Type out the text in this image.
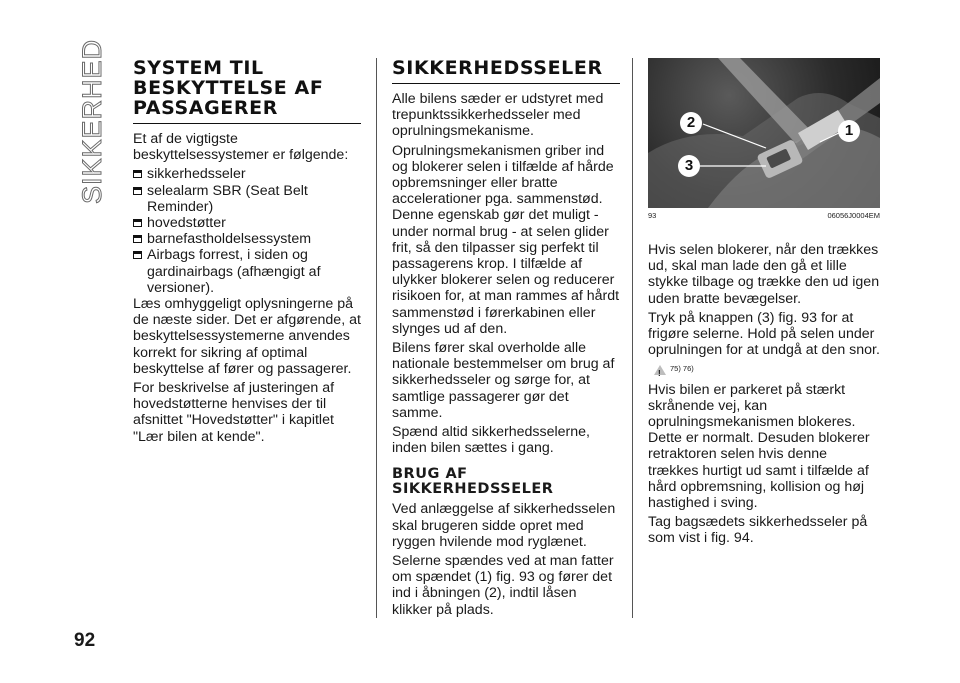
SIKKERHED
92
SYSTEM TIL BESKYTTELSE AF PASSAGERER

Et af de vigtigste beskyttelsessystemer er følgende:

sikkerhedsseler
selealarm SBR (Seat Belt Reminder)
hovedstøtter
barnefastholdelsessystem
Airbags forrest, i siden og gardinairbags (afhængigt af versioner).

Læs omhyggeligt oplysningerne på de næste sider. Det er afgørende, at beskyttelsessystemerne anvendes korrekt for sikring af optimal beskyttelse af fører og passagerer.

For beskrivelse af justeringen af hovedstøtterne henvises der til afsnittet "Hovedstøtter" i kapitlet "Lær bilen at kende".

SIKKERHEDSSELER

Alle bilens sæder er udstyret med trepunktssikkerhedsseler med oprulningsmekanisme.

Oprulningsmekanismen griber ind og blokerer selen i tilfælde af hårde opbremsninger eller bratte accelerationer pga. sammenstød. Denne egenskab gør det muligt - under normal brug - at selen glider frit, så den tilpasser sig perfekt til passagerens krop. I tilfælde af ulykker blokerer selen og reducerer risikoen for, at man rammes af hårdt sammenstød i førerkabinen eller slynges ud af den.

Bilens fører skal overholde alle nationale bestemmelser om brug af sikkerhedsseler og sørge for, at samtlige passagerer gør det samme.

Spænd altid sikkerhedsselerne, inden bilen sættes i gang.

BRUG AF SIKKERHEDSSELER

Ved anlæggelse af sikkerhedsselen skal brugeren sidde opret med ryggen hvilende mod ryglænet.

Selerne spændes ved at man fatter om spændet (1) fig. 93 og fører det ind i åbningen (2), indtil låsen klikker på plads.

1
2
3
93	06056J0004EM

Hvis selen blokerer, når den trækkes ud, skal man lade den gå et lille stykke tilbage og trække den ud igen uden bratte bevægelser.

Tryk på knappen (3) fig. 93 for at frigøre selerne. Hold på selen under oprulningen for at undgå at den snor.

!
75) 76)

Hvis bilen er parkeret på stærkt skrånende vej, kan oprulningsmekanismen blokeres. Dette er normalt. Desuden blokerer retraktoren selen hvis denne trækkes hurtigt ud samt i tilfælde af hård opbremsning, kollision og høj hastighed i sving.

Tag bagsædets sikkerhedsseler på som vist i fig. 94.
